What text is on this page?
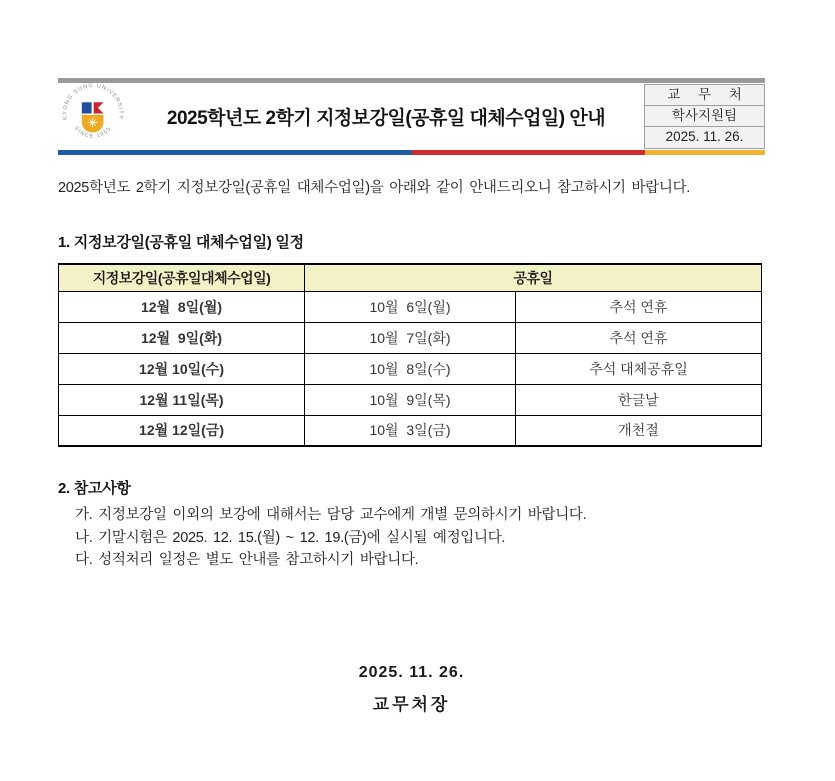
KYONG SUNG UNIVERSITY
SINCE 1955	2025학년도 2학기 지정보강일(공휴일 대체수업일) 안내
교 무 처
학사지원팀
2025. 11. 26.

2025학년도 2학기 지정보강일(공휴일 대체수업일)을 아래와 같이 안내드리오니 참고하시기 바랍니다.

1. 지정보강일(공휴일 대체수업일) 일정
지정보강일(공휴일대체수업일)	공휴일	
12월  8일(월)	10월  6일(월)	추석 연휴
12월  9일(화)	10월  7일(화)	추석 연휴
12월 10일(수)	10월  8일(수)	추석 대체공휴일
12월 11일(목)	10월  9일(목)	한글날
12월 12일(금)	10월  3일(금)	개천절
2. 참고사항
가. 지정보강일 이외의 보강에 대해서는 담당 교수에게 개별 문의하시기 바랍니다.
나. 기말시험은 2025. 12. 15.(월) ~ 12. 19.(금)에 실시될 예정입니다.
다. 성적처리 일정은 별도 안내를 참고하시기 바랍니다.
2025. 11. 26.
교무처장
